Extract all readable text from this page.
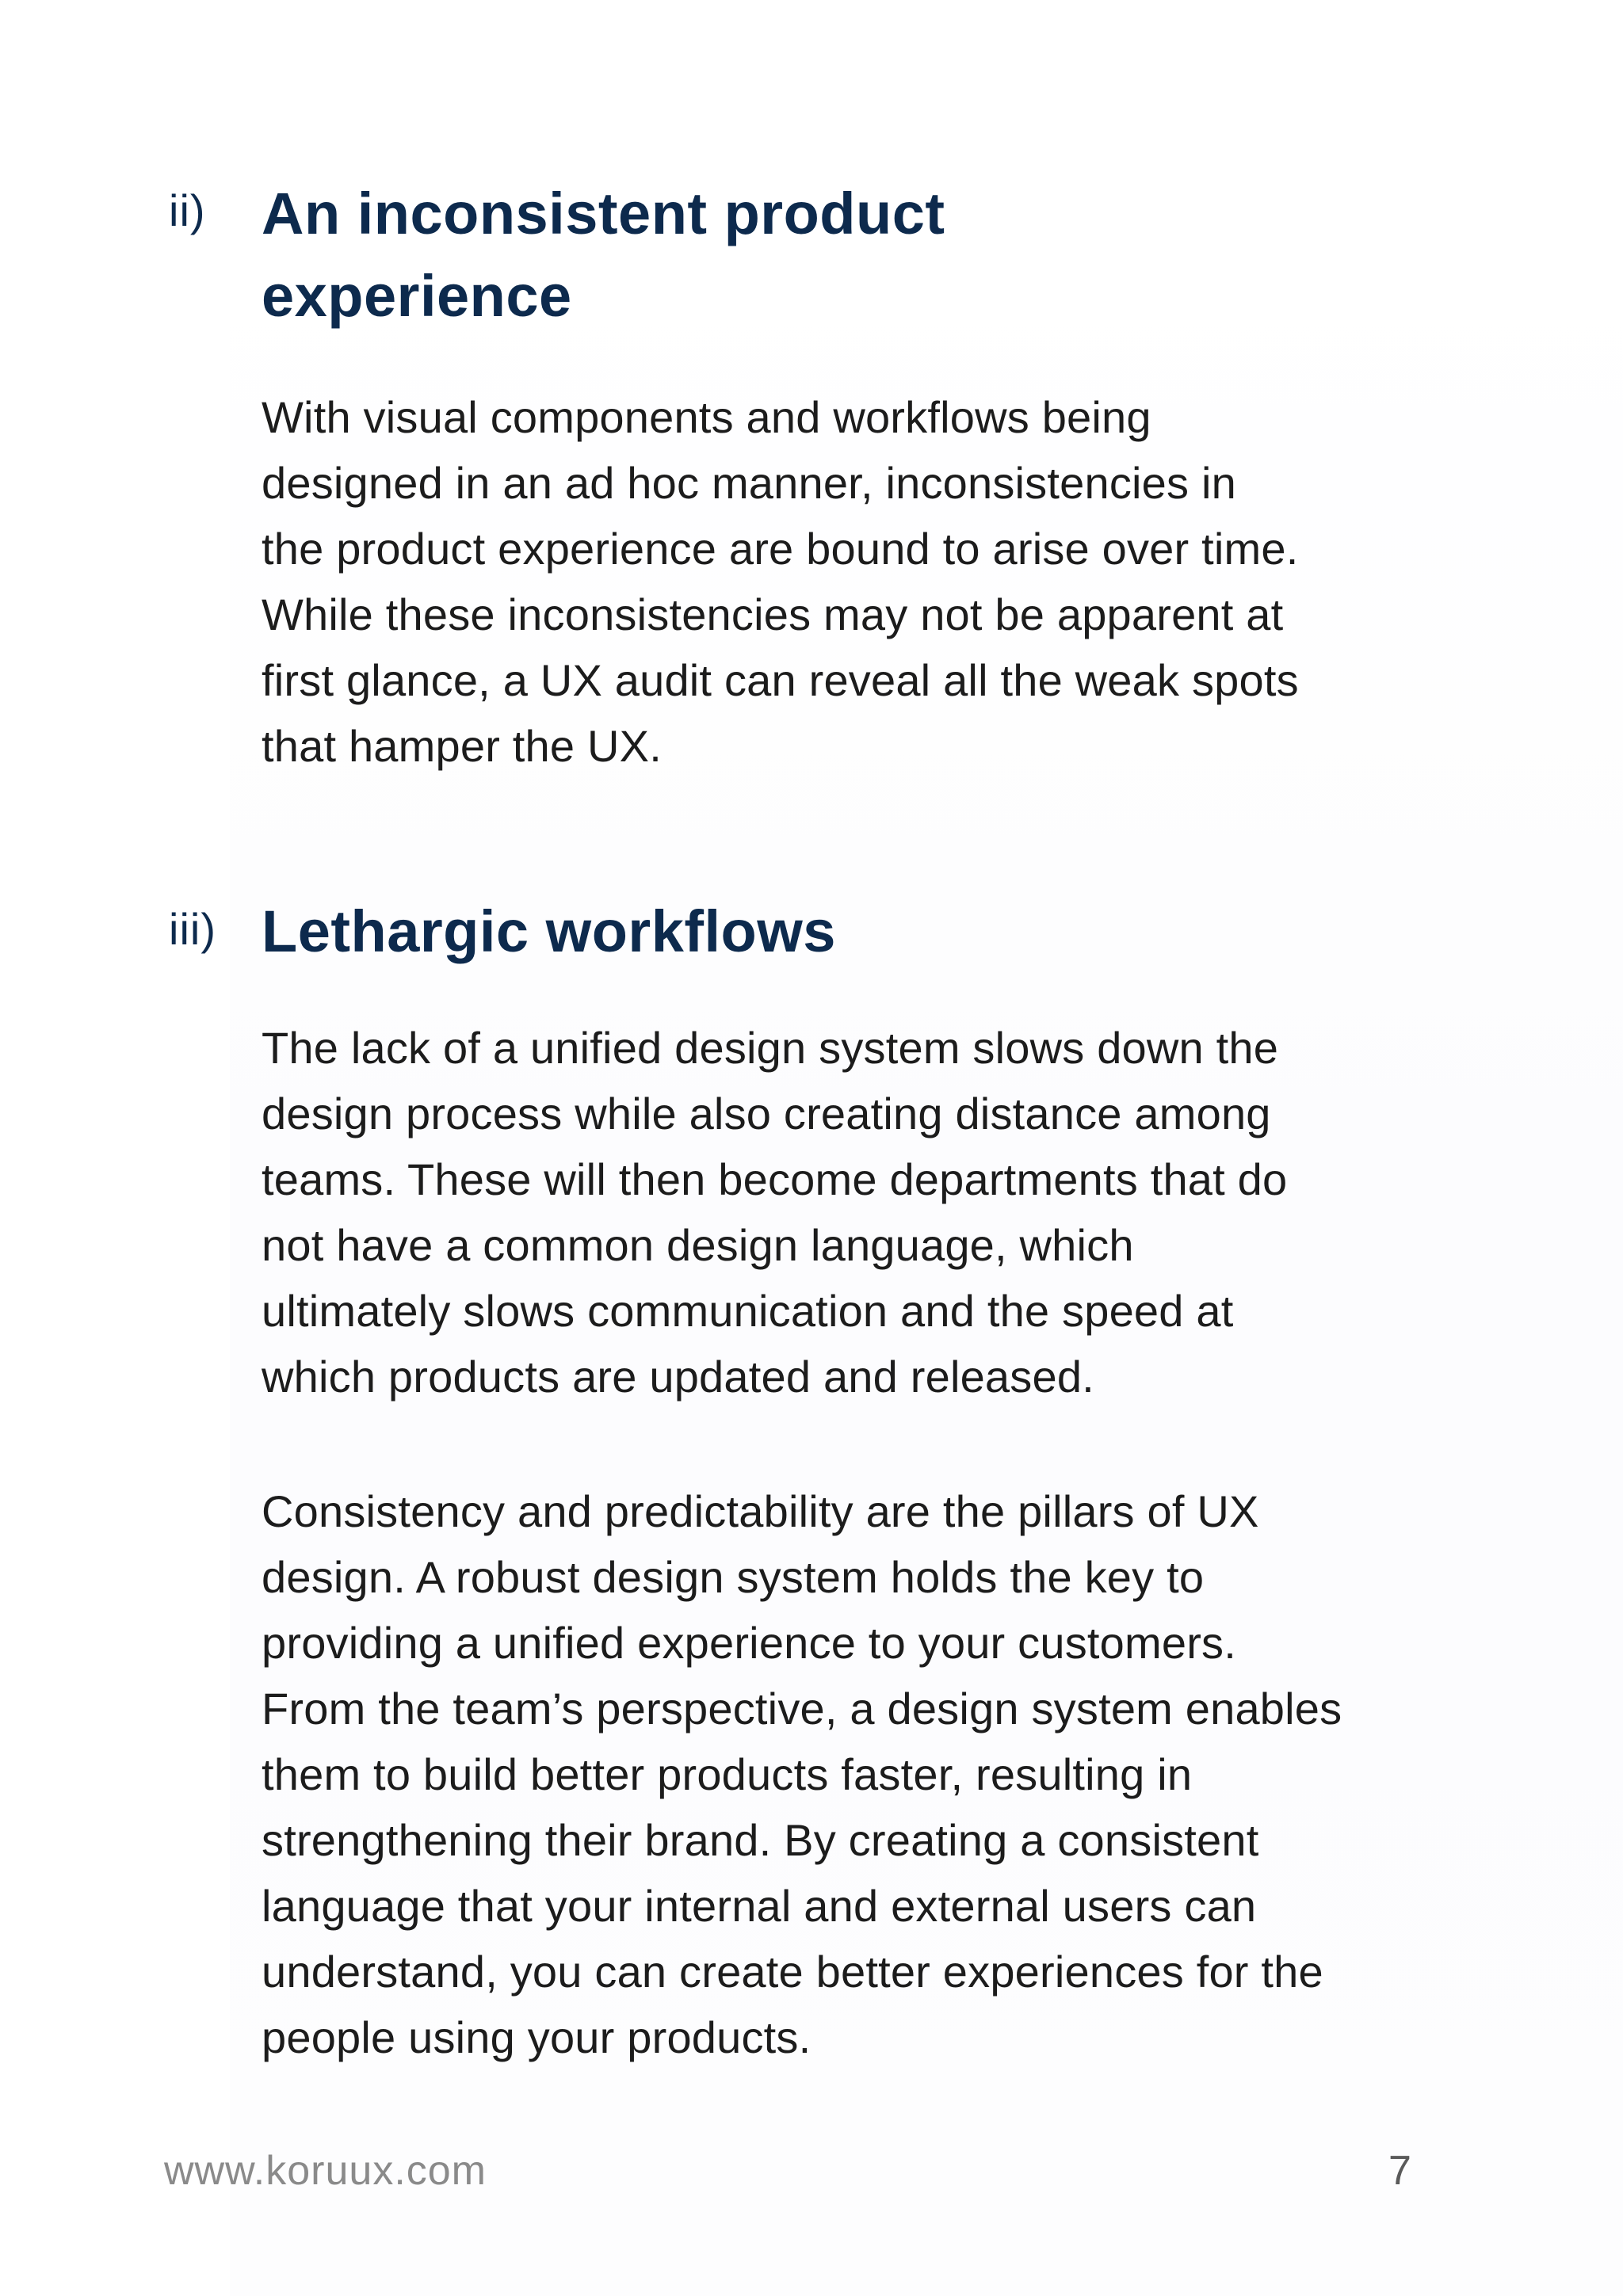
ii) An inconsistent product
experience

With visual components and workflows being
designed in an ad hoc manner, inconsistencies in
the product experience are bound to arise over time.
While these inconsistencies may not be apparent at
first glance, a UX audit can reveal all the weak spots
that hamper the UX.

iii) Lethargic workflows

The lack of a unified design system slows down the
design process while also creating distance among
teams. These will then become departments that do
not have a common design language, which
ultimately slows communication and the speed at
which products are updated and released.

Consistency and predictability are the pillars of UX
design. A robust design system holds the key to
providing a unified experience to your customers.
From the team’s perspective, a design system enables
them to build better products faster, resulting in
strengthening their brand. By creating a consistent
language that your internal and external users can
understand, you can create better experiences for the
people using your products.

www.koruux.com	7
